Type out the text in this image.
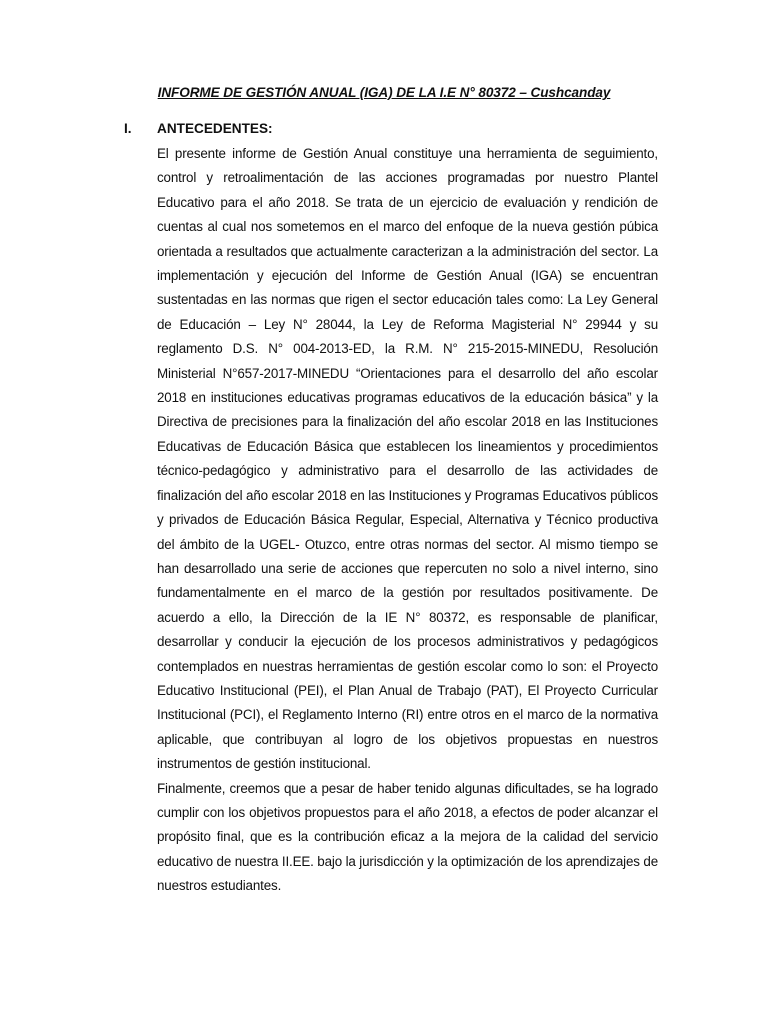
INFORME DE GESTIÓN ANUAL (IGA) DE LA I.E N° 80372 – Cushcanday
I.	ANTECEDENTES:

El presente informe de Gestión Anual constituye una herramienta de seguimiento, control y retroalimentación de las acciones programadas por nuestro Plantel Educativo para el año 2018. Se trata de un ejercicio de evaluación y rendición de cuentas al cual nos sometemos en el marco del enfoque de la nueva gestión púbica orientada a resultados que actualmente caracterizan a la administración del sector. La implementación y ejecución del Informe de Gestión Anual (IGA) se encuentran sustentadas en las normas que rigen el sector educación tales como: La Ley General de Educación – Ley N° 28044, la Ley de Reforma Magisterial N° 29944 y su reglamento D.S. N° 004-2013-ED, la R.M. N° 215-2015-MINEDU, Resolución Ministerial N°657-2017-MINEDU “Orientaciones para el desarrollo del año escolar 2018 en instituciones educativas programas educativos de la educación básica” y la Directiva de precisiones para la finalización del año escolar 2018 en las Instituciones Educativas de Educación Básica que establecen los lineamientos y procedimientos técnico-pedagógico y administrativo para el desarrollo de las actividades de finalización del año escolar 2018 en las Instituciones y Programas Educativos públicos y privados de Educación Básica Regular, Especial, Alternativa y Técnico productiva del ámbito de la UGEL- Otuzco, entre otras normas del sector. Al mismo tiempo se han desarrollado una serie de acciones que repercuten no solo a nivel interno, sino fundamentalmente en el marco de la gestión por resultados positivamente. De acuerdo a ello, la Dirección de la IE N° 80372, es responsable de planificar, desarrollar y conducir la ejecución de los procesos administrativos y pedagógicos contemplados en nuestras herramientas de gestión escolar como lo son: el Proyecto Educativo Institucional (PEI), el Plan Anual de Trabajo (PAT), El Proyecto Curricular Institucional (PCI), el Reglamento Interno (RI) entre otros en el marco de la normativa aplicable, que contribuyan al logro de los objetivos propuestas en nuestros instrumentos de gestión institucional.

Finalmente, creemos que a pesar de haber tenido algunas dificultades, se ha logrado cumplir con los objetivos propuestos para el año 2018, a efectos de poder alcanzar el propósito final, que es la contribución eficaz a la mejora de la calidad del servicio educativo de nuestra II.EE. bajo la jurisdicción y la optimización de los aprendizajes de nuestros estudiantes.
